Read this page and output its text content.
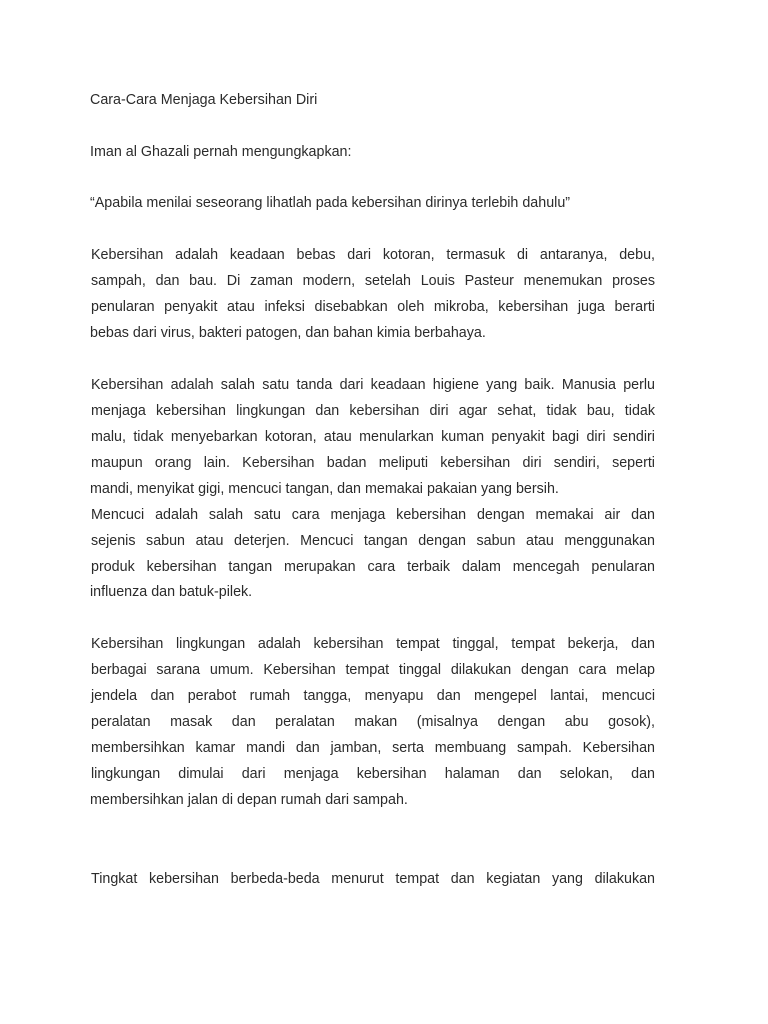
Cara-Cara Menjaga Kebersihan Diri
Iman al Ghazali pernah mengungkapkan:
“Apabila menilai seseorang lihatlah pada kebersihan dirinya terlebih dahulu”
Kebersihan adalah keadaan bebas dari kotoran, termasuk di antaranya, debu,
sampah, dan bau. Di zaman modern, setelah Louis Pasteur menemukan proses
penularan penyakit atau infeksi disebabkan oleh mikroba, kebersihan juga berarti
bebas dari virus, bakteri patogen, dan bahan kimia berbahaya.
Kebersihan adalah salah satu tanda dari keadaan higiene yang baik. Manusia perlu
menjaga kebersihan lingkungan dan kebersihan diri agar sehat, tidak bau, tidak
malu, tidak menyebarkan kotoran, atau menularkan kuman penyakit bagi diri sendiri
maupun orang lain. Kebersihan badan meliputi kebersihan diri sendiri, seperti
mandi, menyikat gigi, mencuci tangan, dan memakai pakaian yang bersih.
Mencuci adalah salah satu cara menjaga kebersihan dengan memakai air dan
sejenis sabun atau deterjen. Mencuci tangan dengan sabun atau menggunakan
produk kebersihan tangan merupakan cara terbaik dalam mencegah penularan
influenza dan batuk-pilek.
Kebersihan lingkungan adalah kebersihan tempat tinggal, tempat bekerja, dan
berbagai sarana umum. Kebersihan tempat tinggal dilakukan dengan cara melap
jendela dan perabot rumah tangga, menyapu dan mengepel lantai, mencuci
peralatan masak dan peralatan makan (misalnya dengan abu gosok),
membersihkan kamar mandi dan jamban, serta membuang sampah. Kebersihan
lingkungan dimulai dari menjaga kebersihan halaman dan selokan, dan
membersihkan jalan di depan rumah dari sampah.
Tingkat kebersihan berbeda-beda menurut tempat dan kegiatan yang dilakukan
